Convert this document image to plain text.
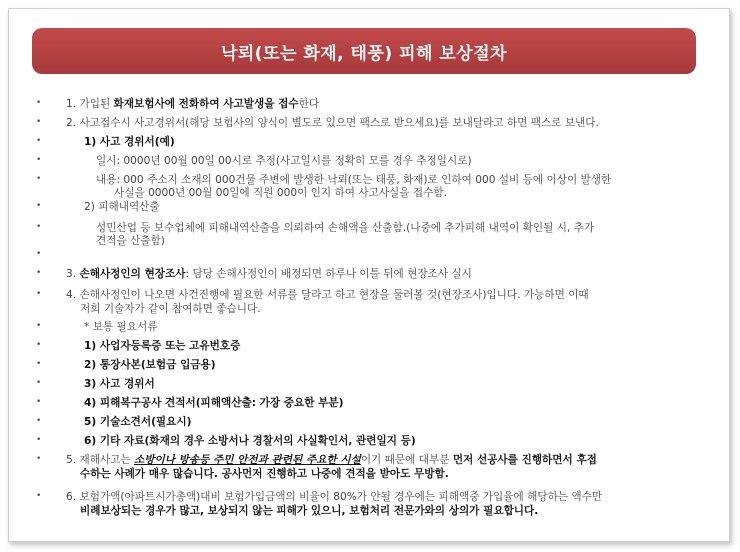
낙뢰(또는 화재, 태풍) 피해 보상절차
•
•
•
•
•
•
•
•
•
•
•
•
•
•
•
•
•
•
•
1. 가입된 화재보험사에 전화하여 사고발생을 접수한다
2. 사고접수시 사고경위서(해당 보험사의 양식이 별도로 있으면 팩스로 받으세요)를 보내달라고 하면 팩스로 보낸다.
1) 사고 경위서(예)
일시: 0000년 00월 00일 00시로 추정(사고일시를 정확히 모를 경우 추정일시로)
내용: 000 주소지 소재의 000건물 주변에 발생한 낙뢰(또는 태풍, 화재)로 인하여 000 설비 등에 이상이 발생한
사실을 0000년 00월 00일에 직원 000이 인지 하여 사고사실을 접수함.
2) 피해내역산출
성민산업 등 보수업체에 피해내역산출을 의뢰하여 손해액을 산출함.(나중에 추가피해 내역이 확인될 시, 추가
견적을 산출함)
3. 손해사정인의 현장조사: 담당 손해사정인이 배정되면 하루나 이틀 뒤에 현장조사 실시
4. 손해사정인이 나오면 사건진행에 필요한 서류를 달라고 하고 현장을 둘러볼 것(현장조사)입니다. 가능하면 이때
저희 기술자가 같이 참여하면 좋습니다.
* 보통 필요서류
1) 사업자등록증 또는 고유번호증
2) 통장사본(보험금 입금용)
3) 사고 경위서
4) 피해복구공사 견적서(피해액산출: 가장 중요한 부분)
5) 기술소견서(필요시)
6) 기타 자료(화재의 경우 소방서나 경찰서의 사실확인서, 관련일지 등)
5. 재해사고는 소방이나 방송등 주민 안전과 관련된 주요한 시설이기 때문에 대부분 먼저 선공사를 진행하면서 후접
수하는 사례가 매우 많습니다. 공사먼저 진행하고 나중에 견적을 받아도 무방함.
6. 보험가액(아파트시가총액)대비 보험가입금액의 비율이 80%가 안될 경우에는 피해액중 가입율에 해당하는 액수만
비례보상되는 경우가 많고, 보상되지 않는 피해가 있으니, 보험처리 전문가와의 상의가 필요합니다.
